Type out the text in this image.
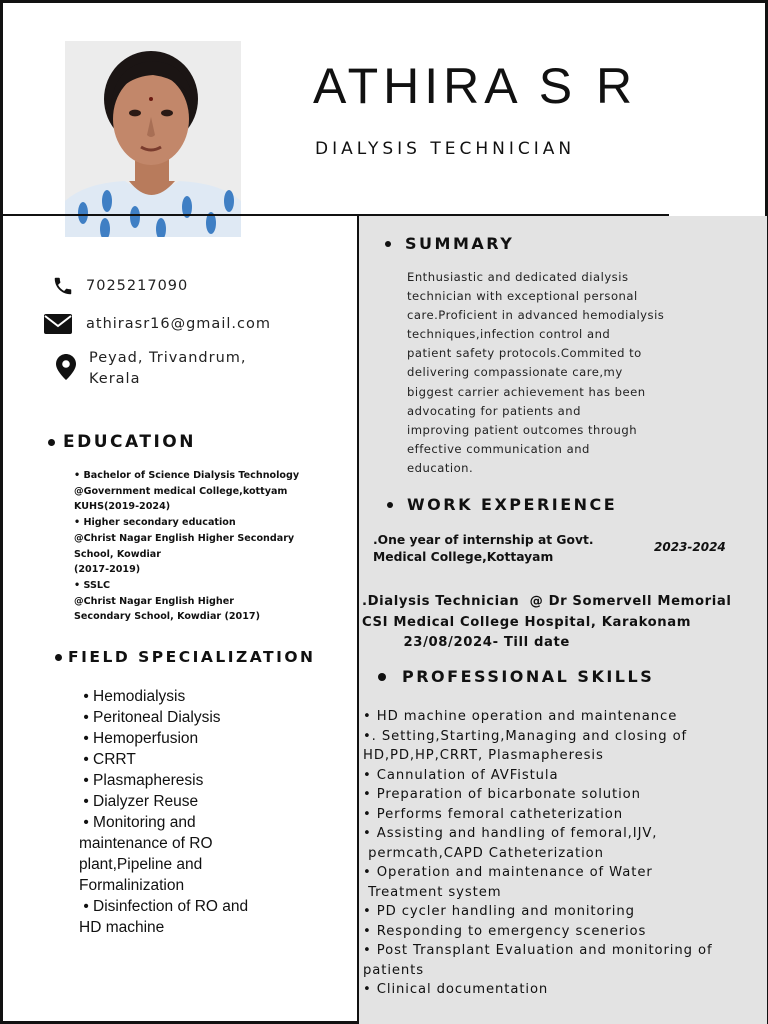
ATHIRA S R
DIALYSIS TECHNICIAN
7025217090
athirasr16@gmail.com
Peyad, Trivandrum,
Kerala
EDUCATION
• Bachelor of Science Dialysis Technology
@Government medical College,kottyam
KUHS(2019-2024)
• Higher secondary education
@Christ Nagar English Higher Secondary
School, Kowdiar
(2017-2019)
• SSLC
@Christ Nagar English Higher
Secondary School, Kowdiar (2017)
FIELD SPECIALIZATION
• Hemodialysis
• Peritoneal Dialysis
• Hemoperfusion
• CRRT
• Plasmapheresis
• Dialyzer Reuse
• Monitoring and
maintenance of RO
plant,Pipeline and
Formalinization
• Disinfection of RO and
HD machine
SUMMARY
Enthusiastic and dedicated dialysis
technician with exceptional personal
care.Proficient in advanced hemodialysis
techniques,infection control and
patient safety protocols.Commited to
delivering compassionate care,my
biggest carrier achievement has been
advocating for patients and
improving patient outcomes through
effective communication and
education.
WORK EXPERIENCE
.One year of internship at Govt.
Medical College,Kottayam
2023-2024
.Dialysis Technician  @ Dr Somervell Memorial
CSI Medical College Hospital, Karakonam
23/08/2024- Till date
PROFESSIONAL SKILLS
• HD machine operation and maintenance
•. Setting,Starting,Managing and closing of
HD,PD,HP,CRRT, Plasmapheresis
• Cannulation of AVFistula
• Preparation of bicarbonate solution
• Performs femoral catheterization
• Assisting and handling of femoral,IJV,
permcath,CAPD Catheterization
• Operation and maintenance of Water
Treatment system
• PD cycler handling and monitoring
• Responding to emergency scenerios
• Post Transplant Evaluation and monitoring of
patients
• Clinical documentation
